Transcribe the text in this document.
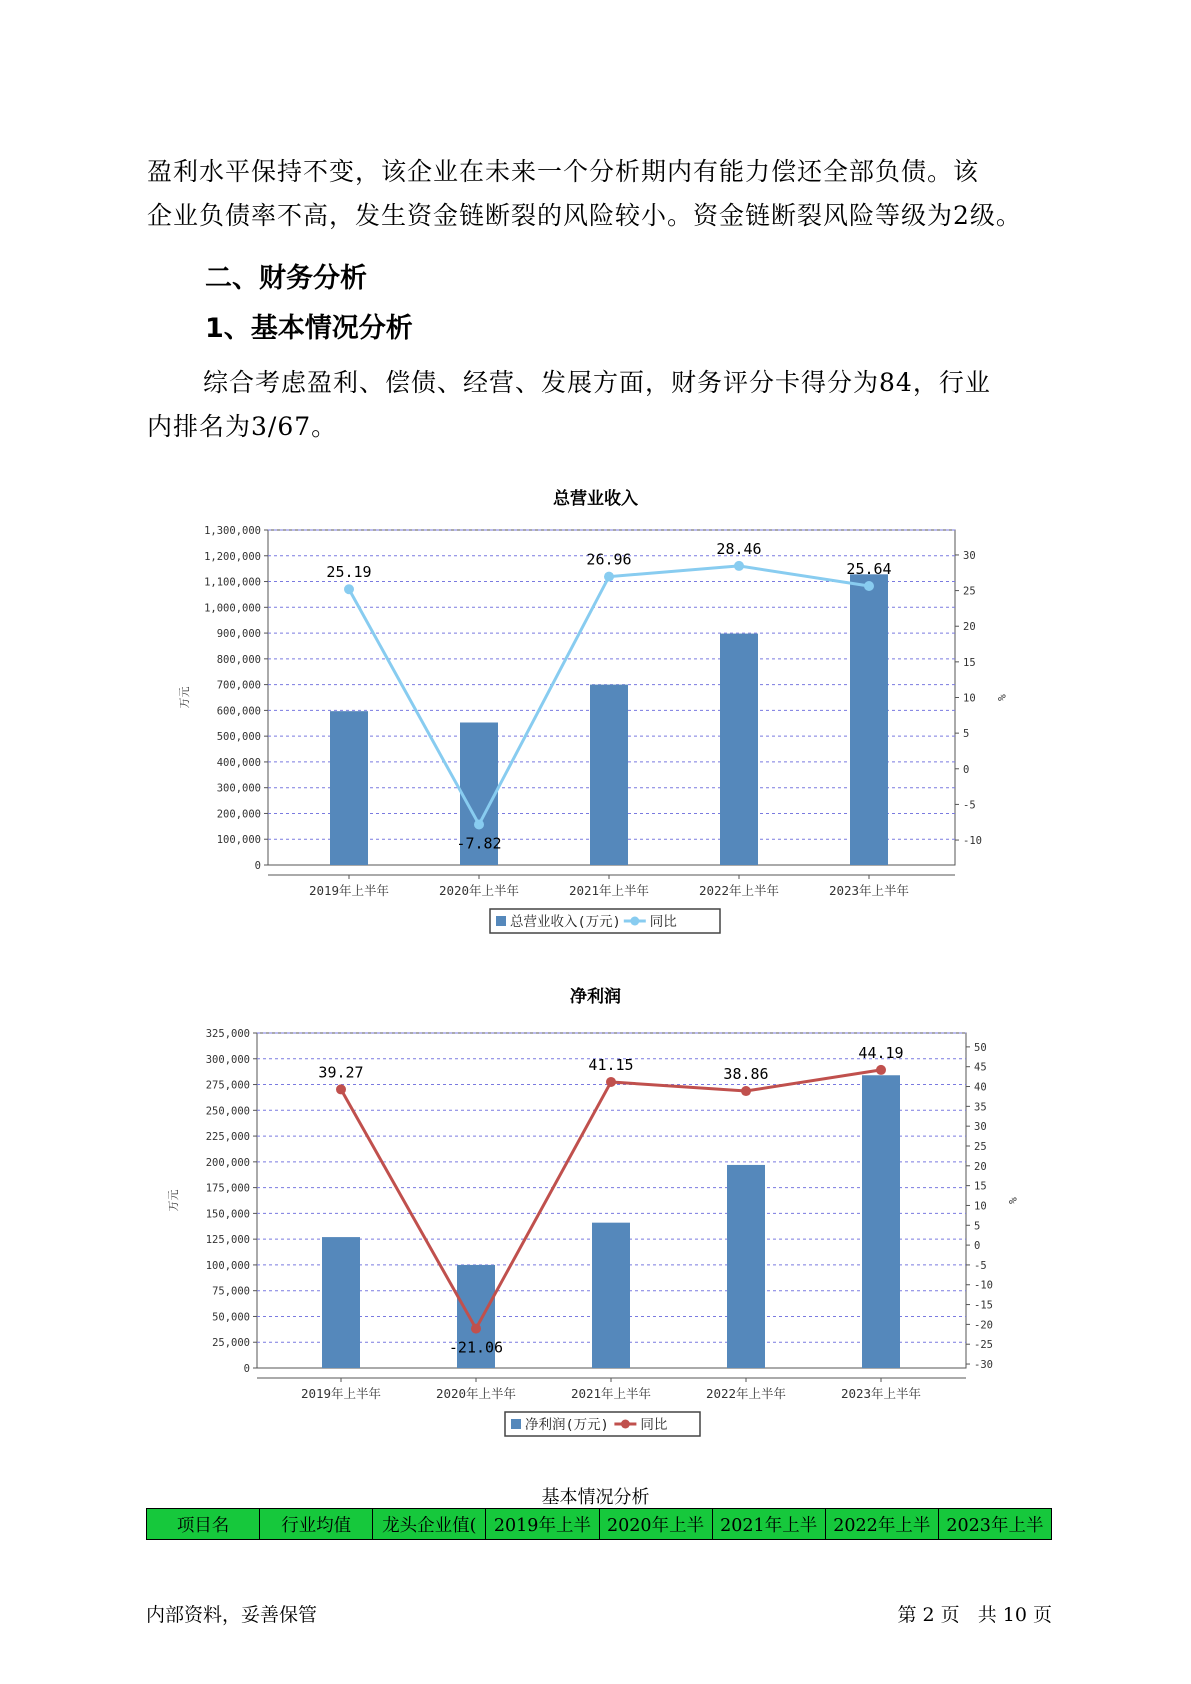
盈利水平保持不变，该企业在未来一个分析期内有能力偿还全部负债。该
企业负债率不高，发生资金链断裂的风险较小。资金链断裂风险等级为2级。
二、财务分析
1、基本情况分析
综合考虑盈利、偿债、经营、发展方面，财务评分卡得分为84，行业
内排名为3/67。
总营业收入
0
100,000
200,000
300,000
400,000
500,000
600,000
700,000
800,000
900,000
1,000,000
1,100,000
1,200,000
1,300,000
-10
-5
0
5
10
15
20
25
30
万元	%
2019年上半年	2020年上半年	2021年上半年	2022年上半年	2023年上半年
25.19
-7.82
26.96
28.46
25.64
总营业收入(万元) 同比
净利润
0
25,000
50,000
75,000
100,000
125,000
150,000
175,000
200,000
225,000
250,000
275,000
300,000
325,000
-30
-25
-20
-15
-10
-5
0
5
10
15
20
25
30
35
40
45
50
万元	%
2019年上半年	2020年上半年	2021年上半年	2022年上半年	2023年上半年
39.27
-21.06
41.15
38.86
44.19
净利润(万元) 同比
基本情况分析
项目名	行业均值	龙头企业值(	2019年上半	2020年上半	2021年上半	2022年上半	2023年上半
内部资料，妥善保管	第 2 页   共 10 页
